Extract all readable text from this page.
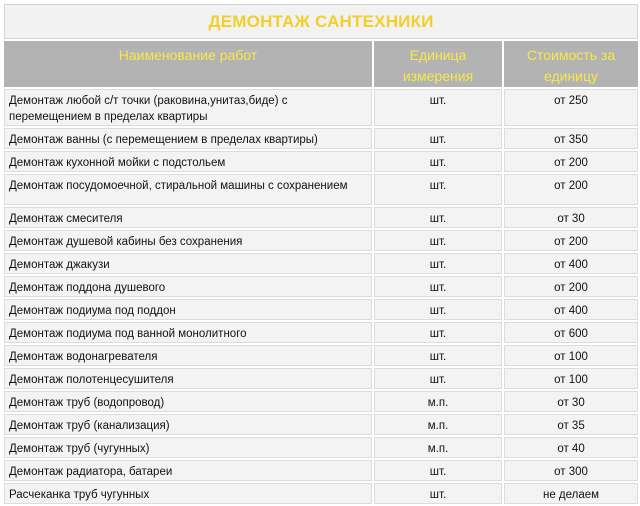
ДЕМОНТАЖ САНТЕХНИКИ		
Наименование работ	Единица измерения	Стоимость за единицу
Демонтаж любой с/т точки (раковина,унитаз,биде) с перемещением в пределах квартиры	шт.	от 250
Демонтаж ванны (с перемещением в пределах квартиры)	шт.	от 350
Демонтаж кухонной мойки с подстольем	шт.	от 200
Демонтаж посудомоечной, стиральной машины с сохранением	шт.	от 200
Демонтаж смесителя	шт.	от 30
Демонтаж душевой кабины без сохранения	шт.	от 200
Демонтаж джакузи	шт.	от 400
Демонтаж поддона душевого	шт.	от 200
Демонтаж подиума под поддон	шт.	от 400
Демонтаж подиума под ванной монолитного	шт.	от 600
Демонтаж водонагревателя	шт.	от 100
Демонтаж полотенцесушителя	шт.	от 100
Демонтаж труб (водопровод)	м.п.	от 30
Демонтаж труб (канализация)	м.п.	от 35
Демонтаж труб (чугунных)	м.п.	от 40
Демонтаж радиатора, батареи	шт.	от 300
Расчеканка труб чугунных	шт.	не делаем
